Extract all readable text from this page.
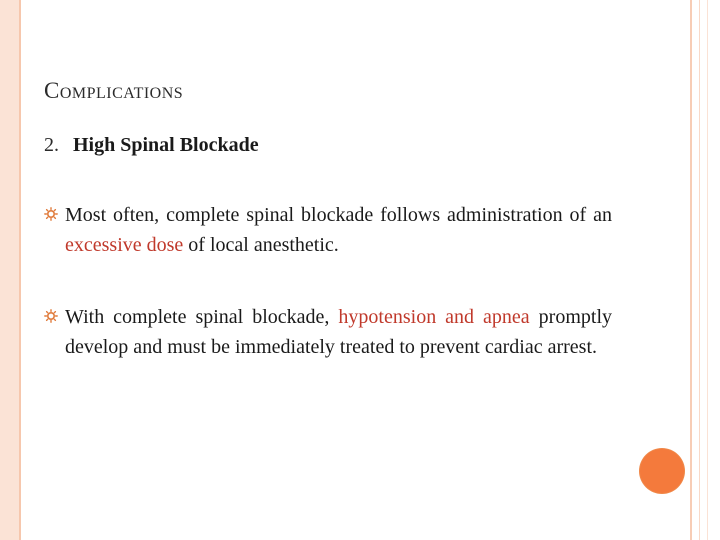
Complications
2. High Spinal Blockade
Most often, complete spinal blockade follows administration of an excessive dose of local anesthetic.
With complete spinal blockade, hypotension and apnea promptly develop and must be immediately treated to prevent cardiac arrest.
